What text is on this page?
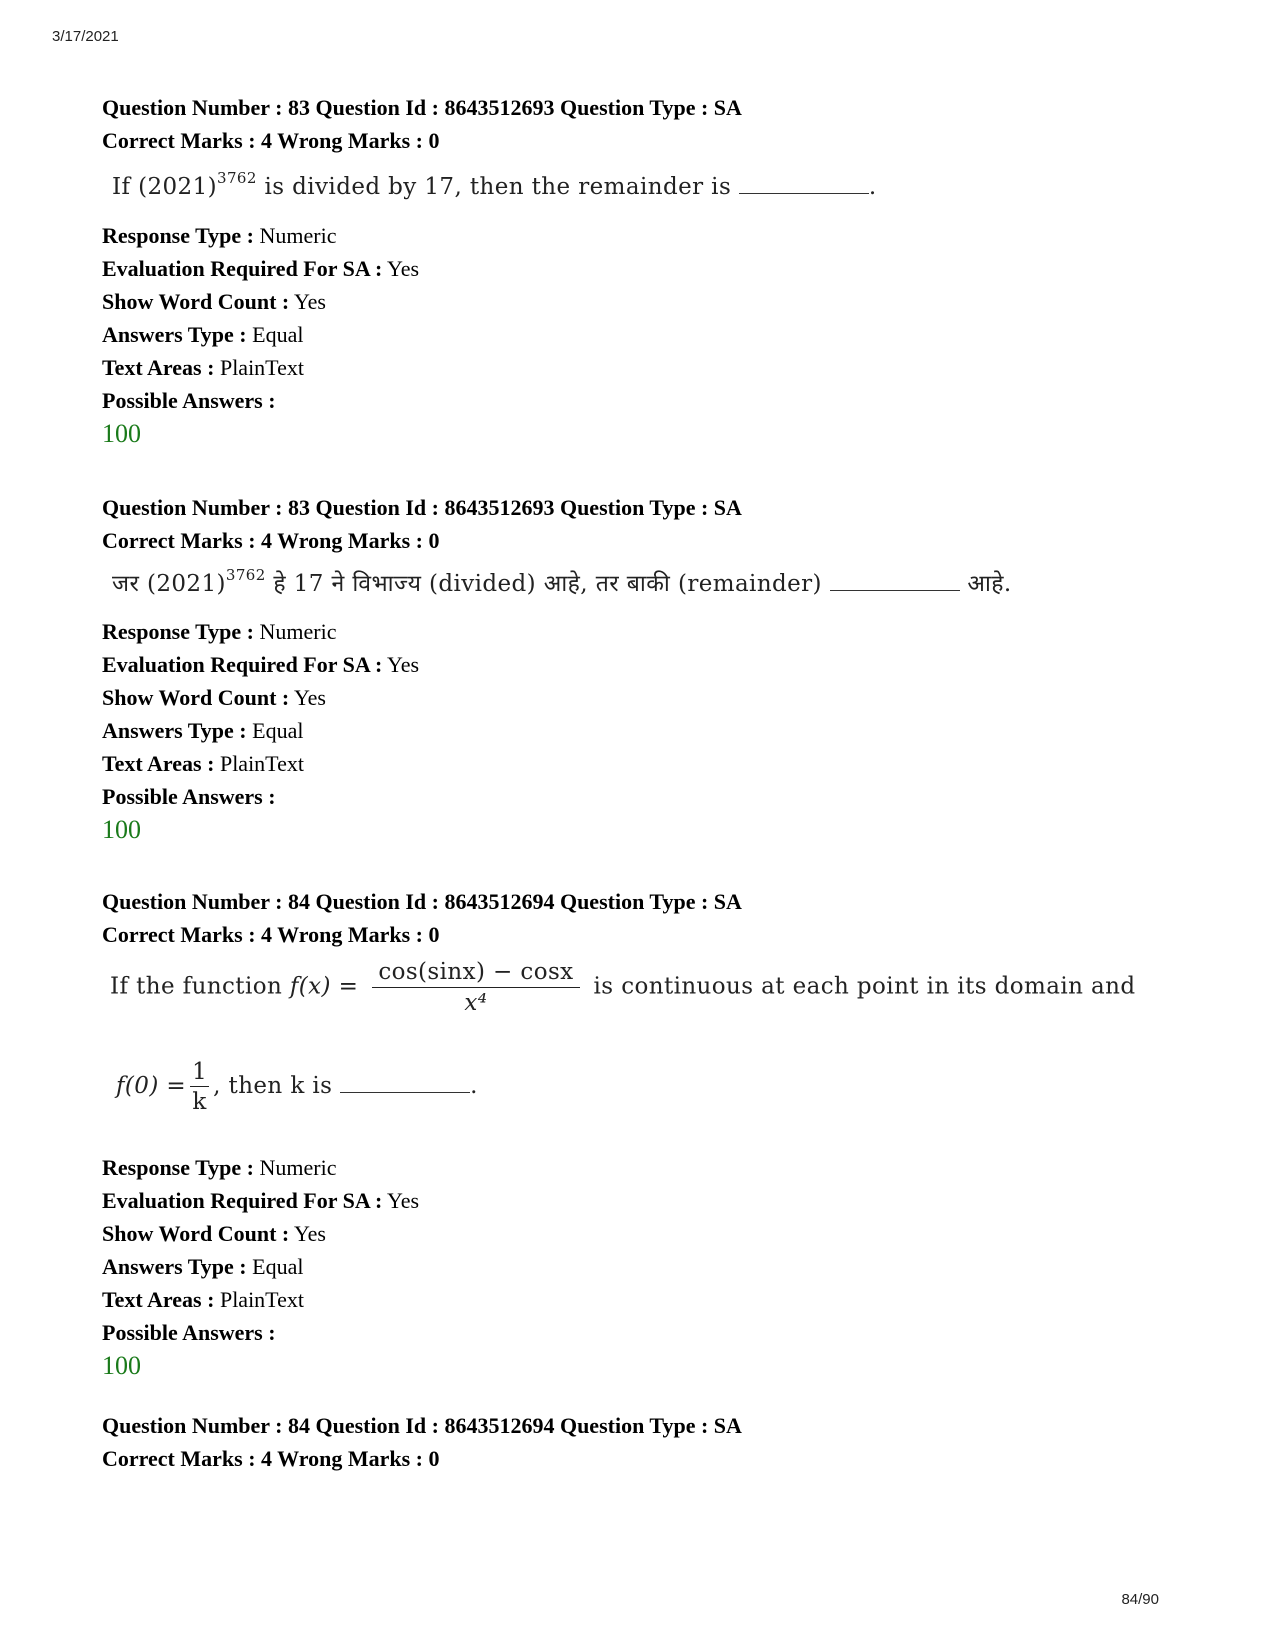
3/17/2021

Question Number : 83 Question Id : 8643512693 Question Type : SA

Correct Marks : 4 Wrong Marks : 0

If $(2021)^{3762}$ is divided by 17, then the remainder is	.

Response Type : Numeric

Evaluation Required For SA : Yes

Show Word Count : Yes

Answers Type : Equal

Text Areas : PlainText

Possible Answers :

100

Question Number : 83 Question Id : 8643512693 Question Type : SA

Correct Marks : 4 Wrong Marks : 0

जर $(2021)^{3762}$ हे 17 ने विभाज्य (divided) आहे, तर बाकी (remainder)	आहे.

Response Type : Numeric

Evaluation Required For SA : Yes

Show Word Count : Yes

Answers Type : Equal

Text Areas : PlainText

Possible Answers :

100

Question Number : 84 Question Id : 8643512694 Question Type : SA

Correct Marks : 4 Wrong Marks : 0

If the function $f(x) = \frac{\cos(\sin x) - \cos x}{\text{x⁴}}$ is continuous at each point in its domain and
$f(0) = \frac{1}{k}$ , then k is	.

Response Type : Numeric

Evaluation Required For SA : Yes

Show Word Count : Yes

Answers Type : Equal

Text Areas : PlainText

Possible Answers :

100

Question Number : 84 Question Id : 8643512694 Question Type : SA

Correct Marks : 4 Wrong Marks : 0

84/90
